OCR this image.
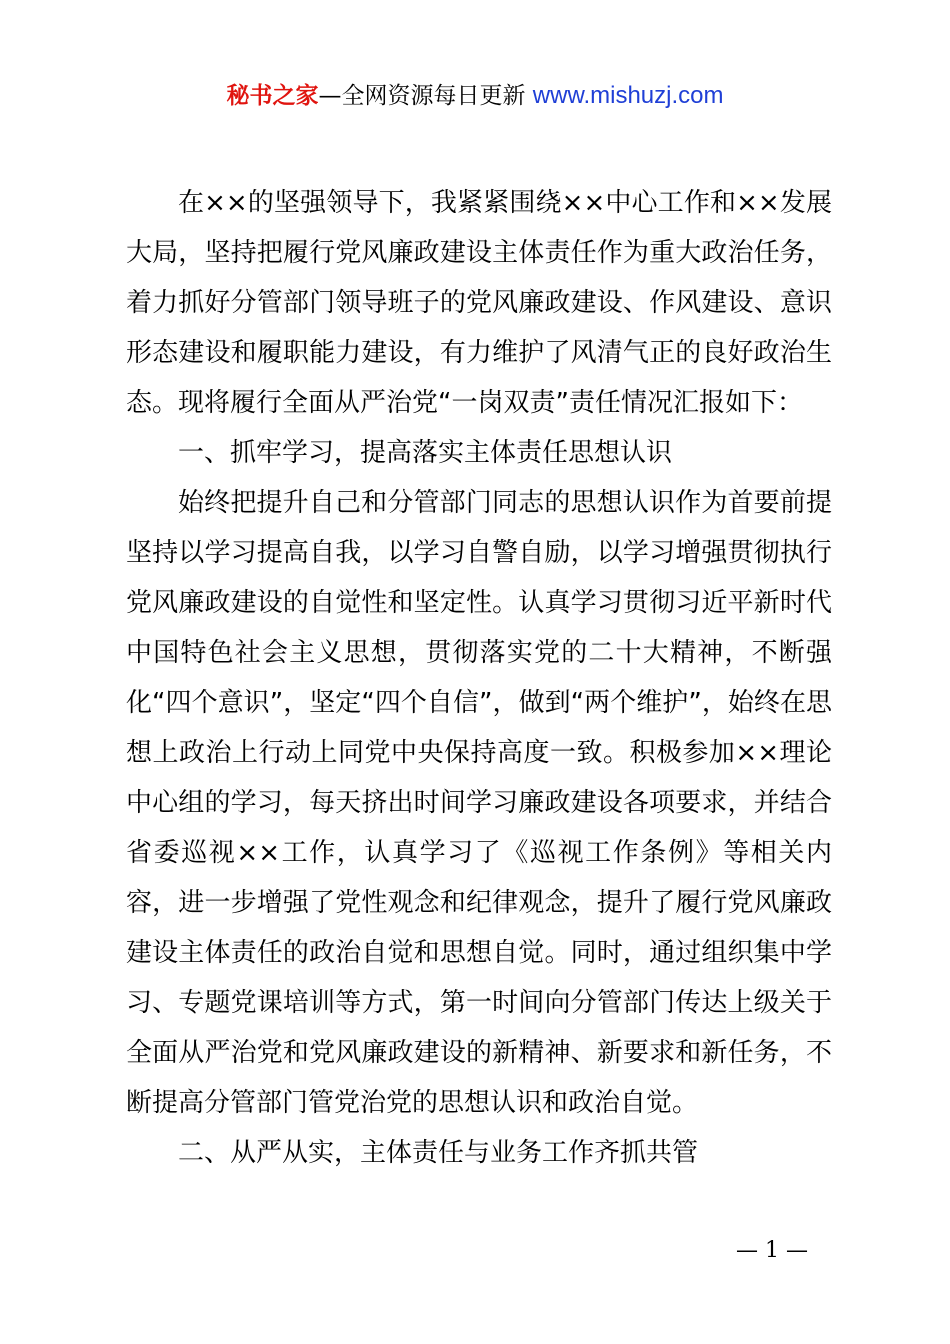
秘书之家—全网资源每日更新 www.mishuzj.com

在××的坚强领导下，我紧紧围绕××中心工作和××发展大局，坚持把履行党风廉政建设主体责任作为重大政治任务，着力抓好分管部门领导班子的党风廉政建设、作风建设、意识形态建设和履职能力建设，有力维护了风清气正的良好政治生态。现将履行全面从严治党“一岗双责”责任情况汇报如下：

一、抓牢学习，提高落实主体责任思想认识

始终把提升自己和分管部门同志的思想认识作为首要前提坚持以学习提高自我，以学习自警自励，以学习增强贯彻执行党风廉政建设的自觉性和坚定性。认真学习贯彻习近平新时代中国特色社会主义思想，贯彻落实党的二十大精神，不断强化“四个意识”，坚定“四个自信”，做到“两个维护”，始终在思想上政治上行动上同党中央保持高度一致。积极参加××理论中心组的学习，每天挤出时间学习廉政建设各项要求，并结合省委巡视××工作，认真学习了《巡视工作条例》等相关内容，进一步增强了党性观念和纪律观念，提升了履行党风廉政建设主体责任的政治自觉和思想自觉。同时，通过组织集中学习、专题党课培训等方式，第一时间向分管部门传达上级关于全面从严治党和党风廉政建设的新精神、新要求和新任务，不断提高分管部门管党治党的思想认识和政治自觉。

二、从严从实，主体责任与业务工作齐抓共管

— 1 —
